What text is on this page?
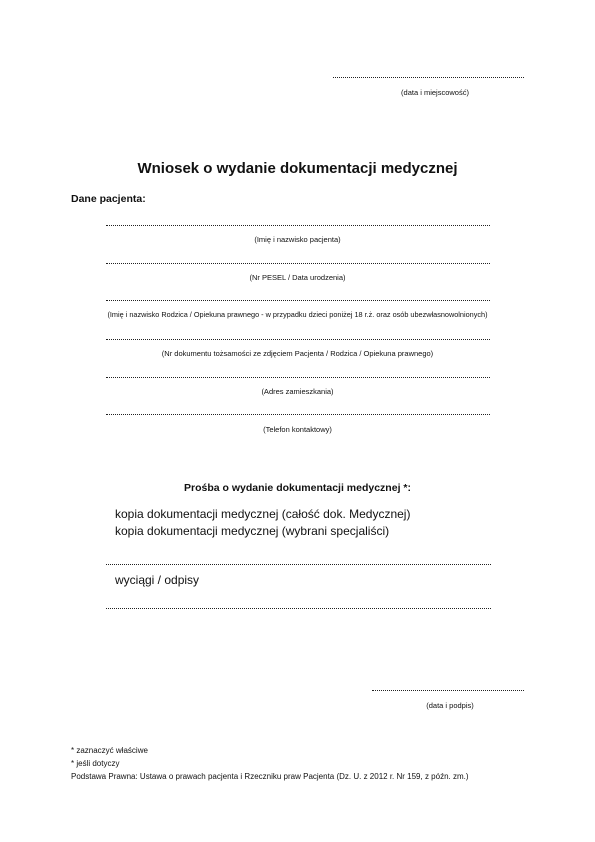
(data i miejscowość)
Wniosek o wydanie dokumentacji medycznej
Dane pacjenta:
(Imię i nazwisko pacjenta)
(Nr PESEL / Data urodzenia)
(Imię i nazwisko Rodzica / Opiekuna prawnego - w przypadku dzieci poniżej 18 r.ż. oraz osób ubezwłasnowolnionych)
(Nr dokumentu tożsamości ze zdjęciem Pacjenta / Rodzica / Opiekuna prawnego)
(Adres zamieszkania)
(Telefon kontaktowy)
Prośba o wydanie dokumentacji medycznej *:
kopia dokumentacji medycznej (całość dok. Medycznej)
kopia dokumentacji medycznej (wybrani specjaliści)
wyciągi / odpisy
(data i podpis)
* zaznaczyć właściwe
* jeśli dotyczy
Podstawa Prawna: Ustawa o prawach pacjenta i Rzeczniku praw Pacjenta (Dz. U. z 2012 r. Nr 159, z późn. zm.)
